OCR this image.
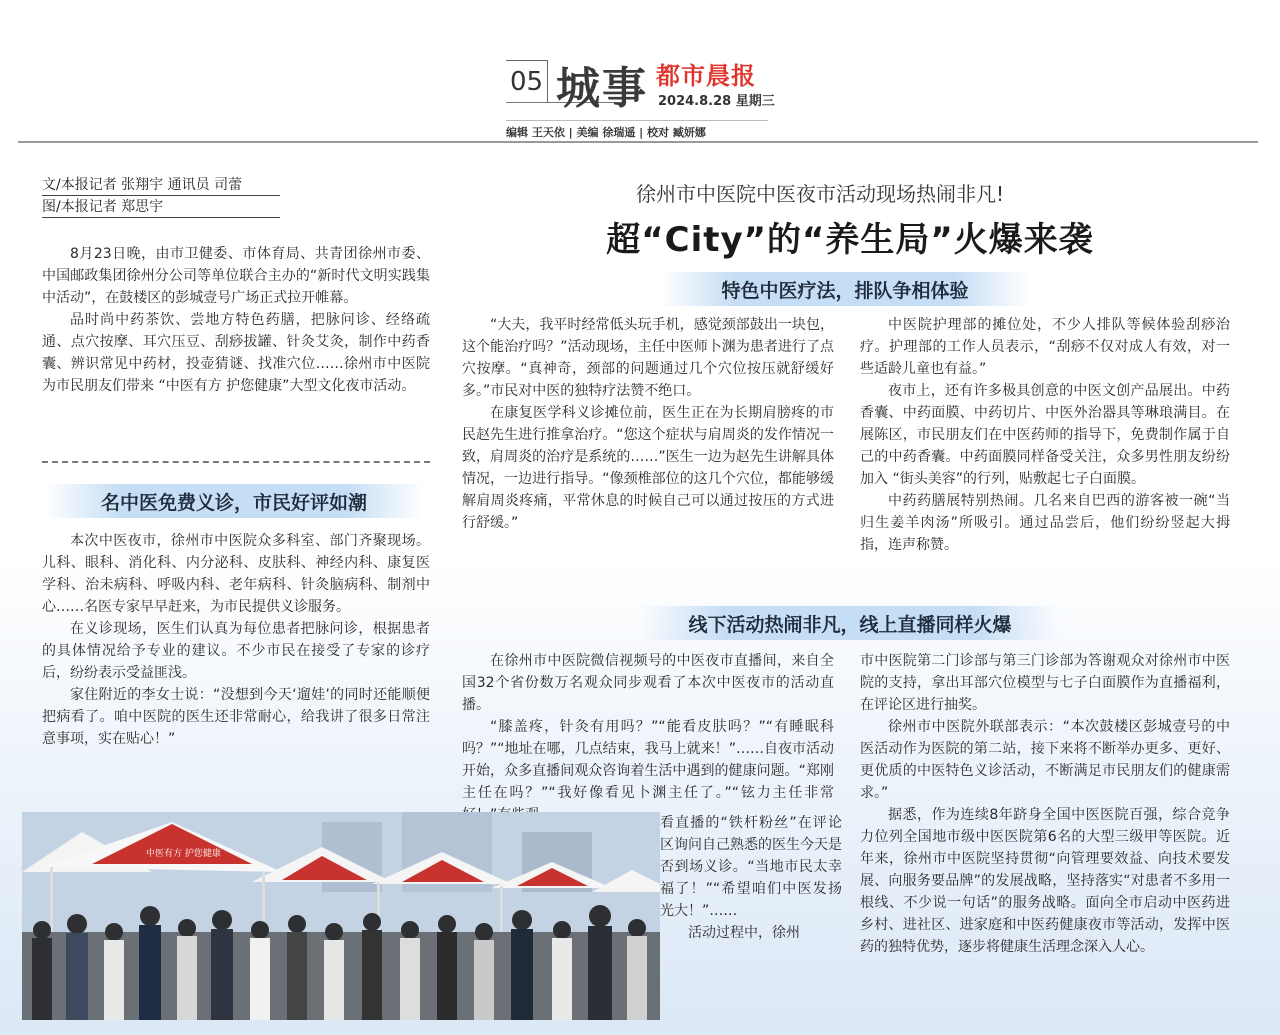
05 城事 都市晨报
2024.8.28 星期三
编辑 王天依 | 美编 徐瑞遥 | 校对 臧妍娜
文/本报记者 张翔宇 通讯员 司蕾
图/本报记者 郑思宇
徐州市中医院中医夜市活动现场热闹非凡!
超“City”的“养生局”火爆来袭

8月23日晚，由市卫健委、市体育局、共青团徐州市委、中国邮政集团徐州分公司等单位联合主办的“新时代文明实践集中活动”，在鼓楼区的彭城壹号广场正式拉开帷幕。

品时尚中药茶饮、尝地方特色药膳，把脉问诊、经络疏通、点穴按摩、耳穴压豆、刮痧拔罐、针灸艾灸，制作中药香囊、辨识常见中药材，投壶猜谜、找准穴位……徐州市中医院为市民朋友们带来 “中医有方 护您健康”大型文化夜市活动。

名中医免费义诊，市民好评如潮
特色中医疗法，排队争相体验
线下活动热闹非凡，线上直播同样火爆

本次中医夜市，徐州市中医院众多科室、部门齐聚现场。儿科、眼科、消化科、内分泌科、皮肤科、神经内科、康复医学科、治未病科、呼吸内科、老年病科、针灸脑病科、制剂中心……名医专家早早赶来，为市民提供义诊服务。

在义诊现场，医生们认真为每位患者把脉问诊，根据患者的具体情况给予专业的建议。不少市民在接受了专家的诊疗后，纷纷表示受益匪浅。

家住附近的李女士说：“没想到今天‘遛娃’的同时还能顺便把病看了。咱中医院的医生还非常耐心，给我讲了很多日常注意事项，实在贴心！”

“大夫，我平时经常低头玩手机，感觉颈部鼓出一块包，这个能治疗吗？”活动现场，主任中医师卜渊为患者进行了点穴按摩。“真神奇，颈部的问题通过几个穴位按压就舒缓好多。”市民对中医的独特疗法赞不绝口。

在康复医学科义诊摊位前，医生正在为长期肩膀疼的市民赵先生进行推拿治疗。“您这个症状与肩周炎的发作情况一致，肩周炎的治疗是系统的……”医生一边为赵先生讲解具体情况，一边进行指导。“像颈椎部位的这几个穴位，都能够缓解肩周炎疼痛，平常休息的时候自己可以通过按压的方式进行舒缓。”

中医院护理部的摊位处，不少人排队等候体验刮痧治疗。护理部的工作人员表示，“刮痧不仅对成人有效，对一些适龄儿童也有益。”

夜市上，还有许多极具创意的中医文创产品展出。中药香囊、中药面膜、中药切片、中医外治器具等琳琅满目。在展陈区，市民朋友们在中医药师的指导下，免费制作属于自己的中药香囊。中药面膜同样备受关注，众多男性朋友纷纷加入 “街头美容”的行列，贴敷起七子白面膜。

中药药膳展特别热闹。几名来自巴西的游客被一碗“当归生姜羊肉汤”所吸引。通过品尝后，他们纷纷竖起大拇指，连声称赞。

在徐州市中医院微信视频号的中医夜市直播间，来自全国32个省份数万名观众同步观看了本次中医夜市的活动直播。

“膝盖疼，针灸有用吗？”“能看皮肤吗？”“有睡眠科吗？”“地址在哪，几点结束，我马上就来！”……自夜市活动开始，众多直播间观众咨询着生活中遇到的健康问题。“郑刚主任在吗？”“我好像看见卜渊主任了。”“铉力主任非常

看直播的“铁杆粉丝”在评论区询问自己熟悉的医生今天是否到场义诊。“当地市民太幸福了！”“希望咱们中医发扬光大！”……

活动过程中，徐州

市中医院第二门诊部与第三门诊部为答谢观众对徐州市中医院的支持，拿出耳部穴位模型与七子白面膜作为直播福利，在评论区进行抽奖。

徐州市中医院外联部表示：“本次鼓楼区彭城壹号的中医活动作为医院的第二站，接下来将不断举办更多、更好、更优质的中医特色义诊活动，不断满足市民朋友们的健康需求。”

据悉，作为连续8年跻身全国中医医院百强，综合竞争力位列全国地市级中医医院第6名的大型三级甲等医院。近年来，徐州市中医院坚持贯彻“向管理要效益、向技术要发展、向服务要品牌”的发展战略，坚持落实“对患者不多用一根线、不少说一句话”的服务战略。面向全市启动中医药进乡村、进社区、进家庭和中医药健康夜市等活动，发挥中医药的独特优势，逐步将健康生活理念深入人心。

中医有方 护您健康
